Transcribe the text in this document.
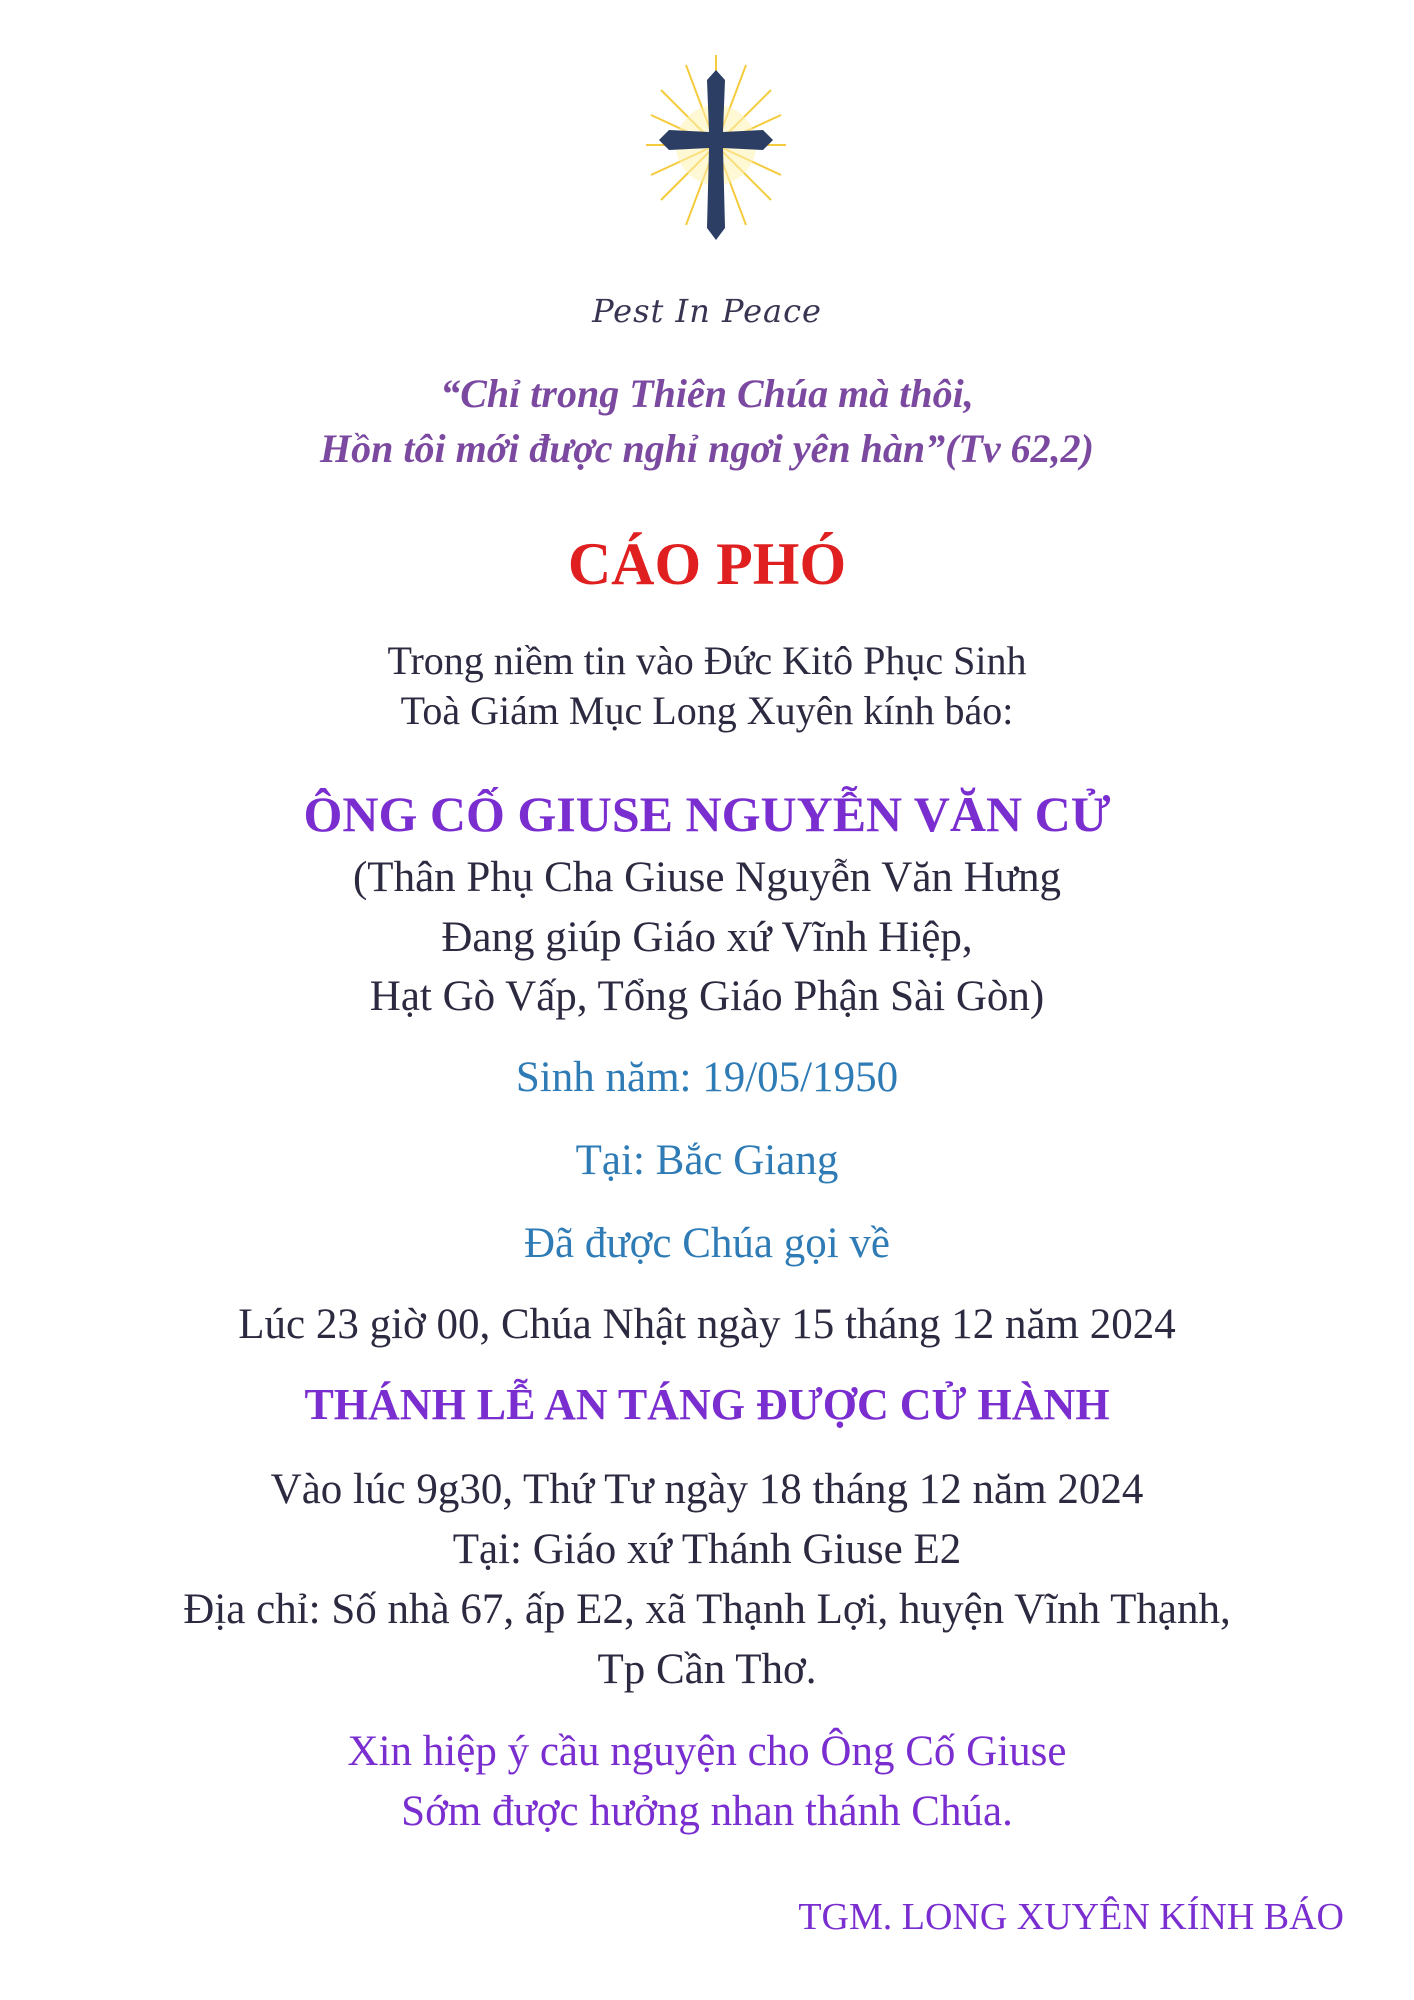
Pest In Peace
“Chỉ trong Thiên Chúa mà thôi,
Hồn tôi mới được nghỉ ngơi yên hàn”(Tv 62,2)
CÁO PHÓ
Trong niềm tin vào Đức Kitô Phục Sinh
Toà Giám Mục Long Xuyên kính báo:
ÔNG CỐ GIUSE NGUYỄN VĂN CỬ
(Thân Phụ Cha Giuse Nguyễn Văn Hưng
Đang giúp Giáo xứ Vĩnh Hiệp,
Hạt Gò Vấp, Tổng Giáo Phận Sài Gòn)
Sinh năm: 19/05/1950
Tại: Bắc Giang
Đã được Chúa gọi về
Lúc 23 giờ 00, Chúa Nhật ngày 15 tháng 12 năm 2024
THÁNH LỄ AN TÁNG ĐƯỢC CỬ HÀNH
Vào lúc 9g30, Thứ Tư ngày 18 tháng 12 năm 2024
Tại: Giáo xứ Thánh Giuse E2
Địa chỉ: Số nhà 67, ấp E2, xã Thạnh Lợi, huyện Vĩnh Thạnh,
Tp Cần Thơ.
Xin hiệp ý cầu nguyện cho Ông Cố Giuse
Sớm được hưởng nhan thánh Chúa.
TGM. LONG XUYÊN KÍNH BÁO
